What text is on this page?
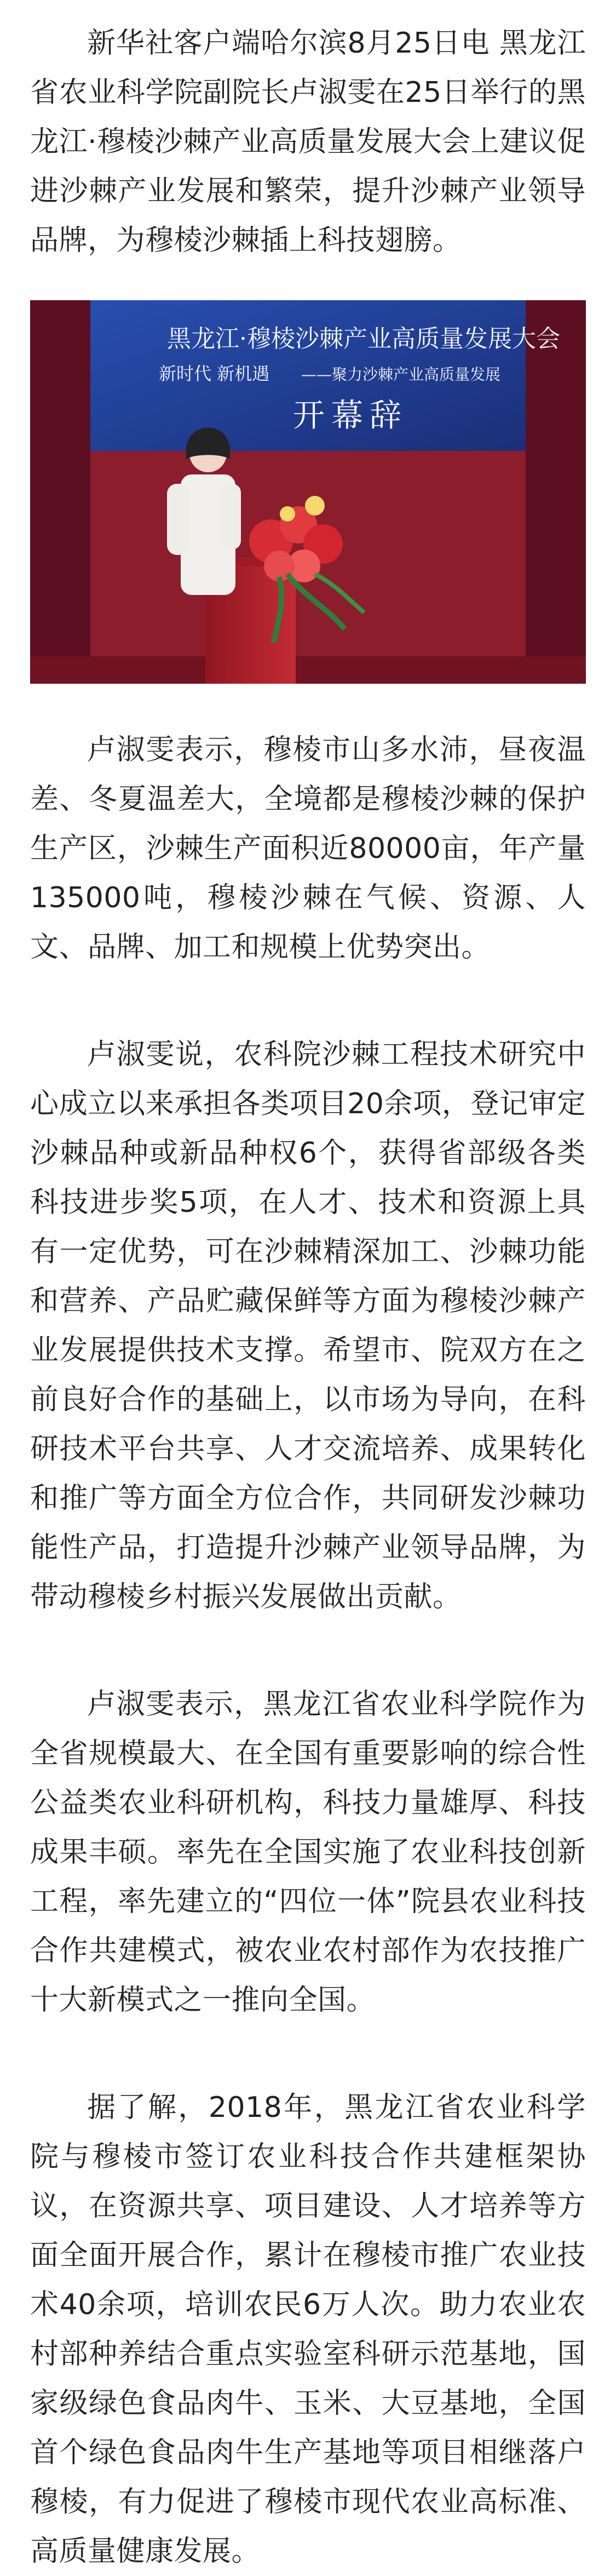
新华社客户端哈尔滨8月25日电 黑龙江省农业科学院副院长卢淑雯在25日举行的黑龙江·穆棱沙棘产业高质量发展大会上建议促进沙棘产业发展和繁荣，提升沙棘产业领导品牌，为穆棱沙棘插上科技翅膀。

黑龙江·穆棱沙棘产业高质量发展大会
新时代 新机遇 ——聚力沙棘产业高质量发展
开幕辞

卢淑雯表示，穆棱市山多水沛，昼夜温差、冬夏温差大，全境都是穆棱沙棘的保护生产区，沙棘生产面积近80000亩，年产量135000吨，穆棱沙棘在气候、资源、人文、品牌、加工和规模上优势突出。

卢淑雯说，农科院沙棘工程技术研究中心成立以来承担各类项目20余项，登记审定沙棘品种或新品种权6个，获得省部级各类科技进步奖5项，在人才、技术和资源上具有一定优势，可在沙棘精深加工、沙棘功能和营养、产品贮藏保鲜等方面为穆棱沙棘产业发展提供技术支撑。希望市、院双方在之前良好合作的基础上，以市场为导向，在科研技术平台共享、人才交流培养、成果转化和推广等方面全方位合作，共同研发沙棘功能性产品，打造提升沙棘产业领导品牌，为带动穆棱乡村振兴发展做出贡献。

卢淑雯表示，黑龙江省农业科学院作为全省规模最大、在全国有重要影响的综合性公益类农业科研机构，科技力量雄厚、科技成果丰硕。率先在全国实施了农业科技创新工程，率先建立的“四位一体”院县农业科技合作共建模式，被农业农村部作为农技推广十大新模式之一推向全国。

据了解，2018年，黑龙江省农业科学院与穆棱市签订农业科技合作共建框架协议，在资源共享、项目建设、人才培养等方面全面开展合作，累计在穆棱市推广农业技术40余项，培训农民6万人次。助力农业农村部种养结合重点实验室科研示范基地，国家级绿色食品肉牛、玉米、大豆基地，全国首个绿色食品肉牛生产基地等项目相继落户穆棱，有力促进了穆棱市现代农业高标准、高质量健康发展。
